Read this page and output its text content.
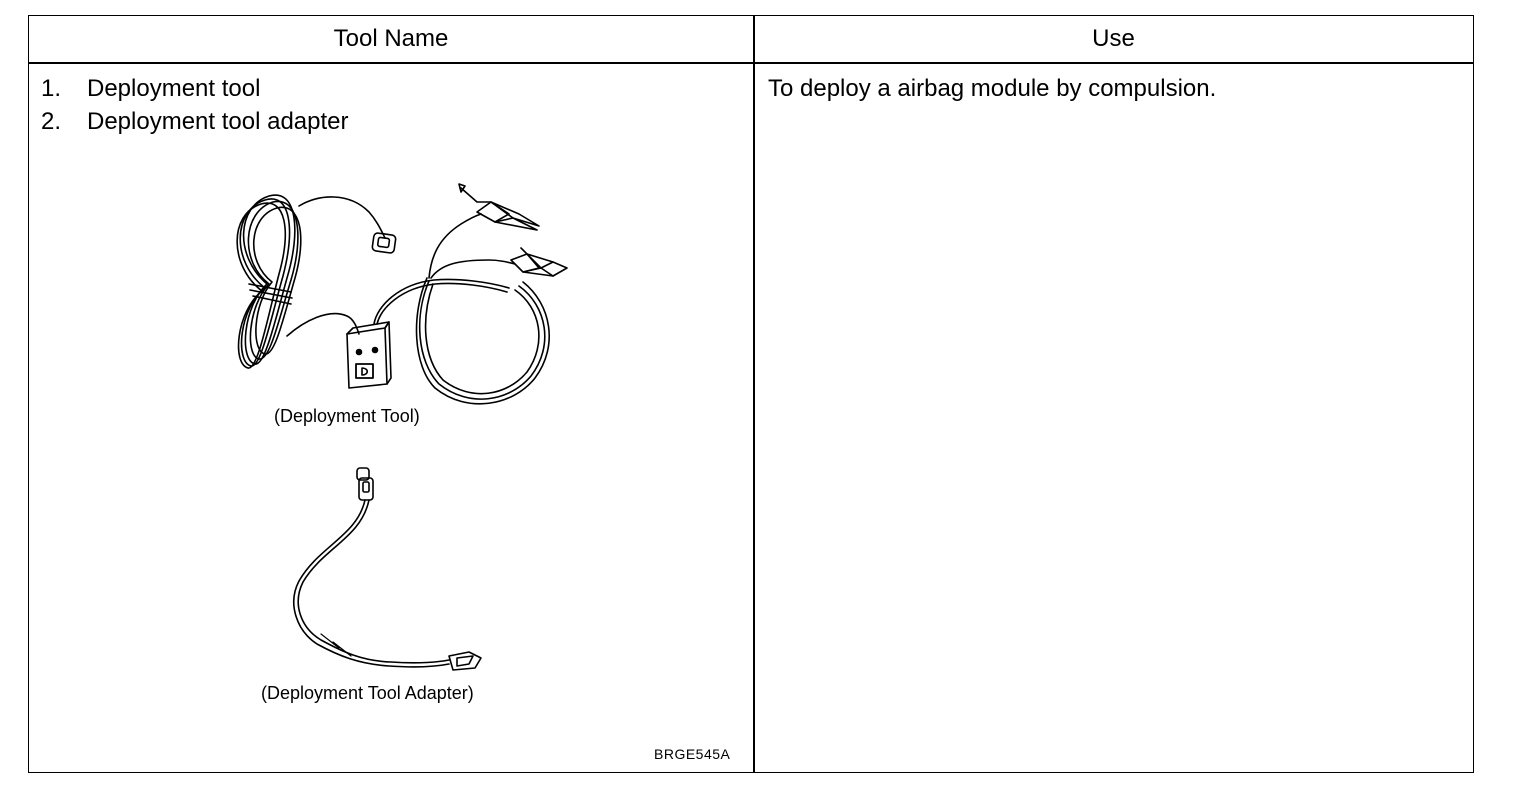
Tool Name	Use
1. Deployment tool
2. Deployment tool adapter
To deploy a airbag module by compulsion.
(Deployment Tool)
(Deployment Tool Adapter)
BRGE545A
